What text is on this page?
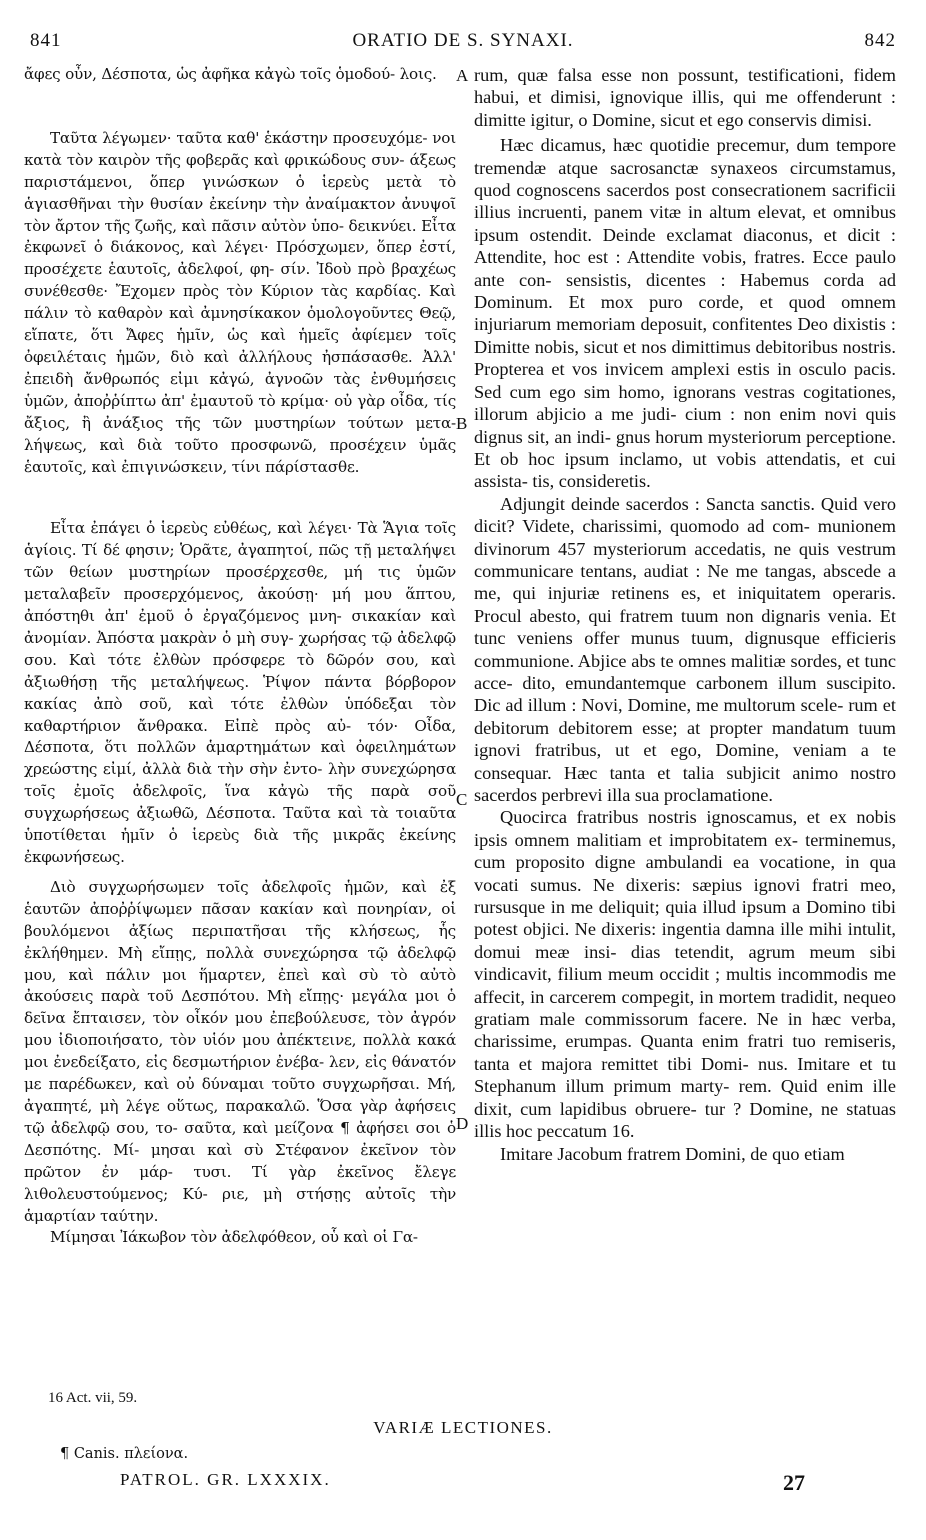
841	ORATIO DE S. SYNAXI.	842

ἄφες οὖν, Δέσποτα, ὡς ἀφῆκα κἀγὼ τοῖς ὁμοδού- λοις.

Ταῦτα λέγωμεν· ταῦτα καθ' ἑκάστην προσευχόμε- νοι κατὰ τὸν καιρὸν τῆς φοβερᾶς καὶ φρικώδους συν- άξεως παριστάμενοι, ὅπερ γινώσκων ὁ ἱερεὺς μετὰ τὸ ἁγιασθῆναι τὴν θυσίαν ἐκείνην τὴν ἀναίμακτον ἀνυψοῖ τὸν ἄρτον τῆς ζωῆς, καὶ πᾶσιν αὐτὸν ὑπο- δεικνύει. Εἶτα ἐκφωνεῖ ὁ διάκονος, καὶ λέγει· Πρόσχωμεν, ὅπερ ἐστί, προσέχετε ἑαυτοῖς, ἀδελφοί, φη- σίν. Ἰδοὺ πρὸ βραχέως συνέθεσθε· Ἔχομεν πρὸς τὸν Κύριον τὰς καρδίας. Καὶ πάλιν τὸ καθαρὸν καὶ ἀμνησίκακον ὁμολογοῦντες Θεῷ, εἴπατε, ὅτι Ἄφες ἡμῖν, ὡς καὶ ἡμεῖς ἀφίεμεν τοῖς ὀφειλέταις ἡμῶν, διὸ καὶ ἀλλήλους ἠσπάσασθε. Ἀλλ' ἐπειδὴ ἄνθρωπός εἰμι κἀγώ, ἀγνοῶν τὰς ἐνθυμήσεις ὑμῶν, ἀποῤῥίπτω ἀπ' ἐμαυτοῦ τὸ κρίμα· οὐ γὰρ οἶδα, τίς ἄξιος, ἢ ἀνάξιος τῆς τῶν μυστηρίων τούτων μετα- λήψεως, καὶ διὰ τοῦτο προσφωνῶ, προσέχειν ὑμᾶς ἑαυτοῖς, καὶ ἐπιγινώσκειν, τίνι πάρίστασθε.

Εἶτα ἐπάγει ὁ ἱερεὺς εὐθέως, καὶ λέγει· Τὰ Ἅγια τοῖς ἁγίοις. Τί δέ φησιν; Ὁρᾶτε, ἀγαπητοί, πῶς τῇ μεταλήψει τῶν θείων μυστηρίων προσέρχεσθε, μή τις ὑμῶν μεταλαβεῖν προσερχόμενος, ἀκούσῃ· μή μου ἅπτου, ἀπόστηθι ἀπ' ἐμοῦ ὁ ἐργαζόμενος μνη- σικακίαν καὶ ἀνομίαν. Ἀπόστα μακρὰν ὁ μὴ συγ- χωρήσας τῷ ἀδελφῷ σου. Καὶ τότε ἐλθὼν πρόσφερε τὸ δῶρόν σου, καὶ ἀξιωθήσῃ τῆς μεταλήψεως. Ῥίψον πάντα βόρβορον κακίας ἀπὸ σοῦ, καὶ τότε ἐλθὼν ὑπόδεξαι τὸν καθαρτήριον ἄνθρακα. Εἰπὲ πρὸς αὐ- τόν· Οἶδα, Δέσποτα, ὅτι πολλῶν ἁμαρτημάτων καὶ ὀφειλημάτων χρεώστης εἰμί, ἀλλὰ διὰ τὴν σὴν ἐντο- λὴν συνεχώρησα τοῖς ἐμοῖς ἀδελφοῖς, ἵνα κἀγὼ τῆς παρὰ σοῦ συγχωρήσεως ἀξιωθῶ, Δέσποτα. Ταῦτα καὶ τὰ τοιαῦτα ὑποτίθεται ἡμῖν ὁ ἱερεὺς διὰ τῆς μικρᾶς ἐκείνης ἐκφωνήσεως.

Διὸ συγχωρήσωμεν τοῖς ἀδελφοῖς ἡμῶν, καὶ ἐξ ἑαυτῶν ἀποῤῥίψωμεν πᾶσαν κακίαν καὶ πονηρίαν, οἱ βουλόμενοι ἀξίως περιπατῆσαι τῆς κλήσεως, ἧς ἐκλήθημεν. Μὴ εἴπῃς, πολλὰ συνεχώρησα τῷ ἀδελφῷ μου, καὶ πάλιν μοι ἥμαρτεν, ἐπεὶ καὶ σὺ τὸ αὐτὸ ἀκούσεις παρὰ τοῦ Δεσπότου. Μὴ εἴπῃς· μεγάλα μοι ὁ δεῖνα ἔπταισεν, τὸν οἶκόν μου ἐπεβούλευσε, τὸν ἀγρόν μου ἰδιοποιήσατο, τὸν υἱόν μου ἀπέκτεινε, πολλὰ κακά μοι ἐνεδείξατο, εἰς δεσμωτήριον ἐνέβα- λεν, εἰς θάνατόν με παρέδωκεν, καὶ οὐ δύναμαι τοῦτο συγχωρῆσαι. Μή, ἀγαπητέ, μὴ λέγε οὕτως, παρακαλῶ. Ὅσα γὰρ ἀφήσεις τῷ ἀδελφῷ σου, το- σαῦτα, καὶ μείζονα ¶ ἀφήσει σοι ὁ Δεσπότης. Μί- μησαι καὶ σὺ Στέφανον ἐκεῖνον τὸν πρῶτον ἐν μάρ- τυσι. Τί γὰρ ἐκεῖνος ἔλεγε λιθολευστούμενος; Κύ- ριε, μὴ στήσῃς αὐτοῖς τὴν ἁμαρτίαν ταύτην.

Μίμησαι Ἰάκωβον τὸν ἀδελφόθεον, οὗ καὶ οἱ Γα-

A
B
C
D

rum, quæ falsa esse non possunt, testificationi, fidem habui, et dimisi, ignovique illis, qui me offenderunt : dimitte igitur, o Domine, sicut et ego conservis dimisi.

Hæc dicamus, hæc quotidie precemur, dum tempore tremendæ atque sacrosanctæ synaxeos circumstamus, quod cognoscens sacerdos post consecrationem sacrificii illius incruenti, panem vitæ in altum elevat, et omnibus ipsum ostendit. Deinde exclamat diaconus, et dicit : Attendite, hoc est : Attendite vobis, fratres. Ecce paulo ante con- sensistis, dicentes : Habemus corda ad Dominum. Et mox puro corde, et quod omnem injuriarum memoriam deposuit, confitentes Deo dixistis : Dimitte nobis, sicut et nos dimittimus debitoribus nostris. Propterea et vos invicem amplexi estis in osculo pacis. Sed cum ego sim homo, ignorans vestras cogitationes, illorum abjicio a me judi- cium : non enim novi quis dignus sit, an indi- gnus horum mysteriorum perceptione. Et ob hoc ipsum inclamo, ut vobis attendatis, et cui assista- tis, consideretis.

Adjungit deinde sacerdos : Sancta sanctis. Quid vero dicit? Videte, charissimi, quomodo ad com- munionem divinorum 457 mysteriorum accedatis, ne quis vestrum communicare tentans, audiat : Ne me tangas, abscede a me, qui injuriæ retinens es, et iniquitatem operaris. Procul abesto, qui fratrem tuum non dignaris venia. Et tunc veniens offer munus tuum, dignusque efficieris communione. Abjice abs te omnes malitiæ sordes, et tunc acce- dito, emundantemque carbonem illum suscipito. Dic ad illum : Novi, Domine, me multorum scele- rum et debitorum debitorem esse; at propter mandatum tuum ignovi fratribus, ut et ego, Domine, veniam a te consequar. Hæc tanta et talia subjicit animo nostro sacerdos perbrevi illa sua proclamatione.

Quocirca fratribus nostris ignoscamus, et ex nobis ipsis omnem malitiam et improbitatem ex- terminemus, cum proposito digne ambulandi ea vocatione, in qua vocati sumus. Ne dixeris: sæpius ignovi fratri meo, rursusque in me deliquit; quia illud ipsum a Domino tibi potest objici. Ne dixeris: ingentia damna ille mihi intulit, domui meæ insi- dias tetendit, agrum meum sibi vindicavit, filium meum occidit ; multis incommodis me affecit, in carcerem compegit, in mortem tradidit, nequeo gratiam male commissorum facere. Ne in hæc verba, charissime, erumpas. Quanta enim fratri tuo remiseris, tanta et majora remittet tibi Domi- nus. Imitare et tu Stephanum illum primum marty- rem. Quid enim ille dixit, cum lapidibus obruere- tur ? Domine, ne statuas illis hoc peccatum 16.

Imitare Jacobum fratrem Domini, de quo etiam

16 Act. vii, 59.
VARIÆ LECTIONES.
¶ Canis. πλείονα.
PATROL. GR. LXXXIX.	27
